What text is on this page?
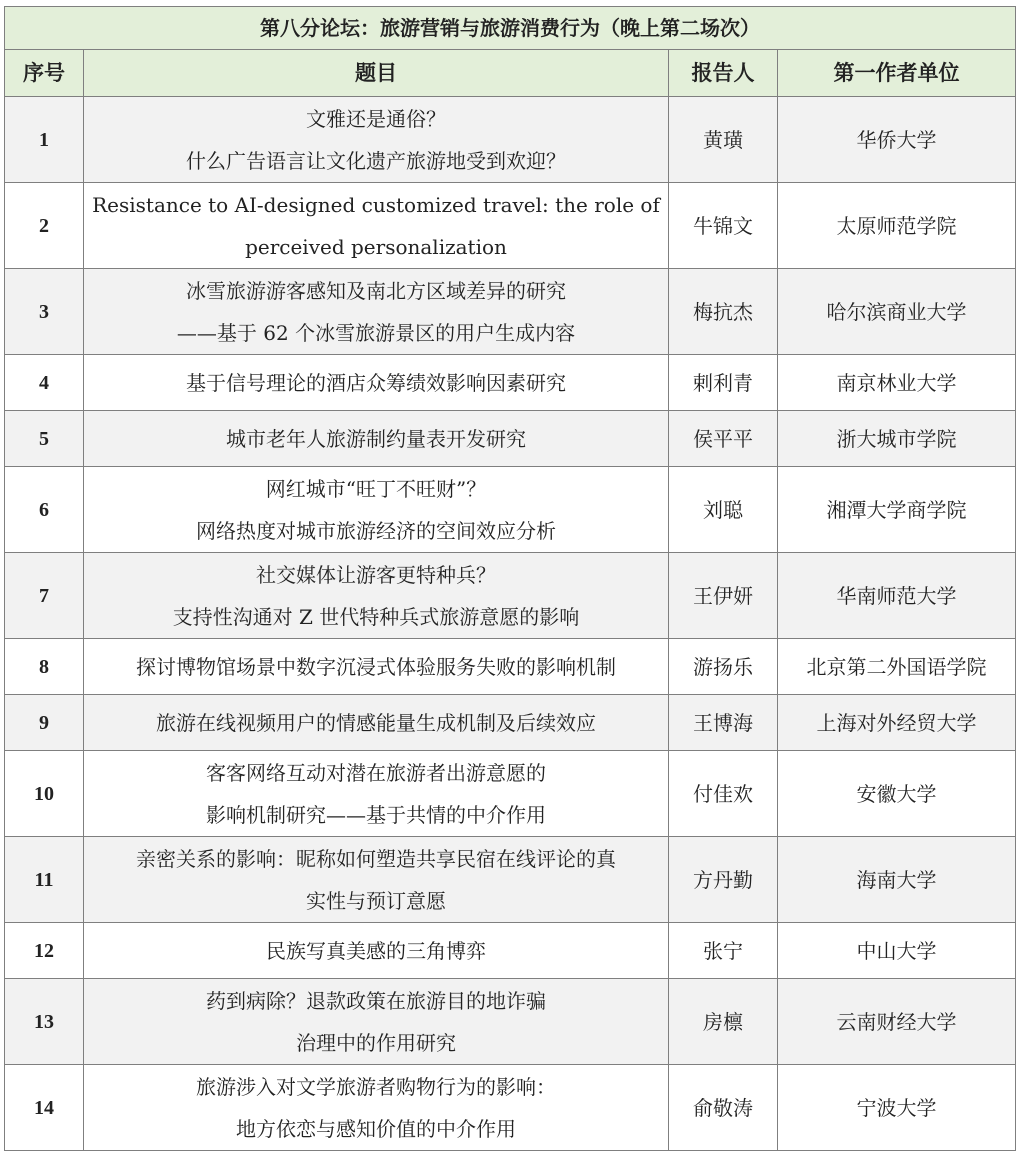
第八分论坛：旅游营销与旅游消费行为（晚上第二场次）			
序号	题目	报告人	第一作者单位
1	文雅还是通俗？
什么广告语言让文化遗产旅游地受到欢迎？	黄璜	华侨大学
2	Resistance to AI-designed customized travel: the role of
perceived personalization	牛锦文	太原师范学院
3	冰雪旅游游客感知及南北方区域差异的研究
——基于 62 个冰雪旅游景区的用户生成内容	梅抗杰	哈尔滨商业大学
4	基于信号理论的酒店众筹绩效影响因素研究	剌利青	南京林业大学
5	城市老年人旅游制约量表开发研究	侯平平	浙大城市学院
6	网红城市“旺丁不旺财”？
网络热度对城市旅游经济的空间效应分析	刘聪	湘潭大学商学院
7	社交媒体让游客更特种兵？
支持性沟通对 Z 世代特种兵式旅游意愿的影响	王伊妍	华南师范大学
8	探讨博物馆场景中数字沉浸式体验服务失败的影响机制	游扬乐	北京第二外国语学院
9	旅游在线视频用户的情感能量生成机制及后续效应	王博海	上海对外经贸大学
10	客客网络互动对潜在旅游者出游意愿的
影响机制研究——基于共情的中介作用	付佳欢	安徽大学
11	亲密关系的影响：昵称如何塑造共享民宿在线评论的真
实性与预订意愿	方丹勤	海南大学
12	民族写真美感的三角博弈	张宁	中山大学
13	药到病除？退款政策在旅游目的地诈骗
治理中的作用研究	房檩	云南财经大学
14	旅游涉入对文学旅游者购物行为的影响：
地方依恋与感知价值的中介作用	俞敬涛	宁波大学
